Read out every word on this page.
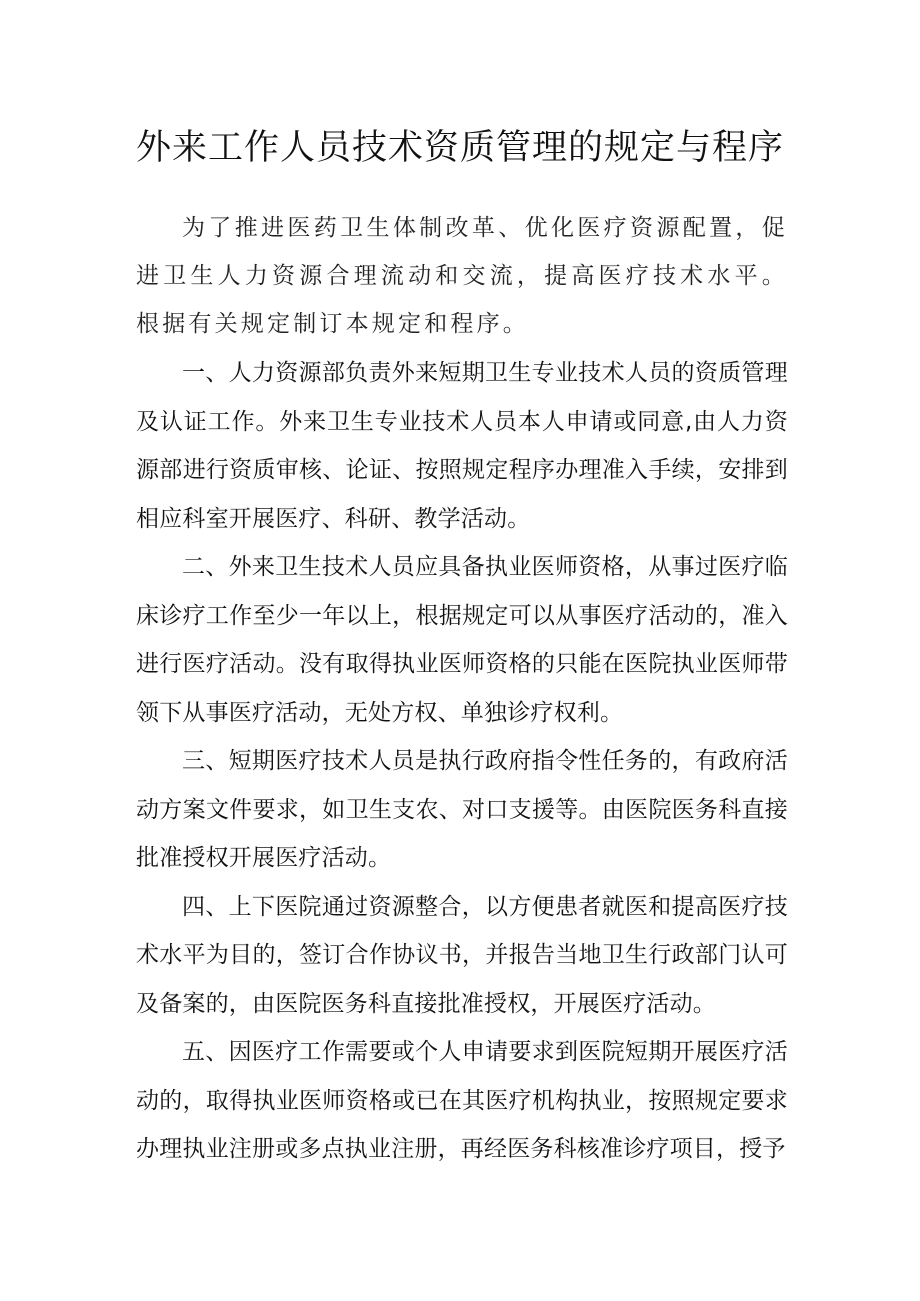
外来工作人员技术资质管理的规定与程序

为了推进医药卫生体制改革、优化医疗资源配置，促进卫生人力资源合理流动和交流，提高医疗技术水平。根据有关规定制订本规定和程序。

一、人力资源部负责外来短期卫生专业技术人员的资质管理及认证工作。外来卫生专业技术人员本人申请或同意,由人力资源部进行资质审核、论证、按照规定程序办理准入手续，安排到相应科室开展医疗、科研、教学活动。

二、外来卫生技术人员应具备执业医师资格，从事过医疗临床诊疗工作至少一年以上，根据规定可以从事医疗活动的，准入进行医疗活动。没有取得执业医师资格的只能在医院执业医师带领下从事医疗活动，无处方权、单独诊疗权利。

三、短期医疗技术人员是执行政府指令性任务的，有政府活动方案文件要求，如卫生支农、对口支援等。由医院医务科直接批准授权开展医疗活动。

四、上下医院通过资源整合，以方便患者就医和提高医疗技术水平为目的，签订合作协议书，并报告当地卫生行政部门认可及备案的，由医院医务科直接批准授权，开展医疗活动。

五、因医疗工作需要或个人申请要求到医院短期开展医疗活动的，取得执业医师资格或已在其医疗机构执业，按照规定要求办理执业注册或多点执业注册，再经医务科核准诊疗项目，授予
